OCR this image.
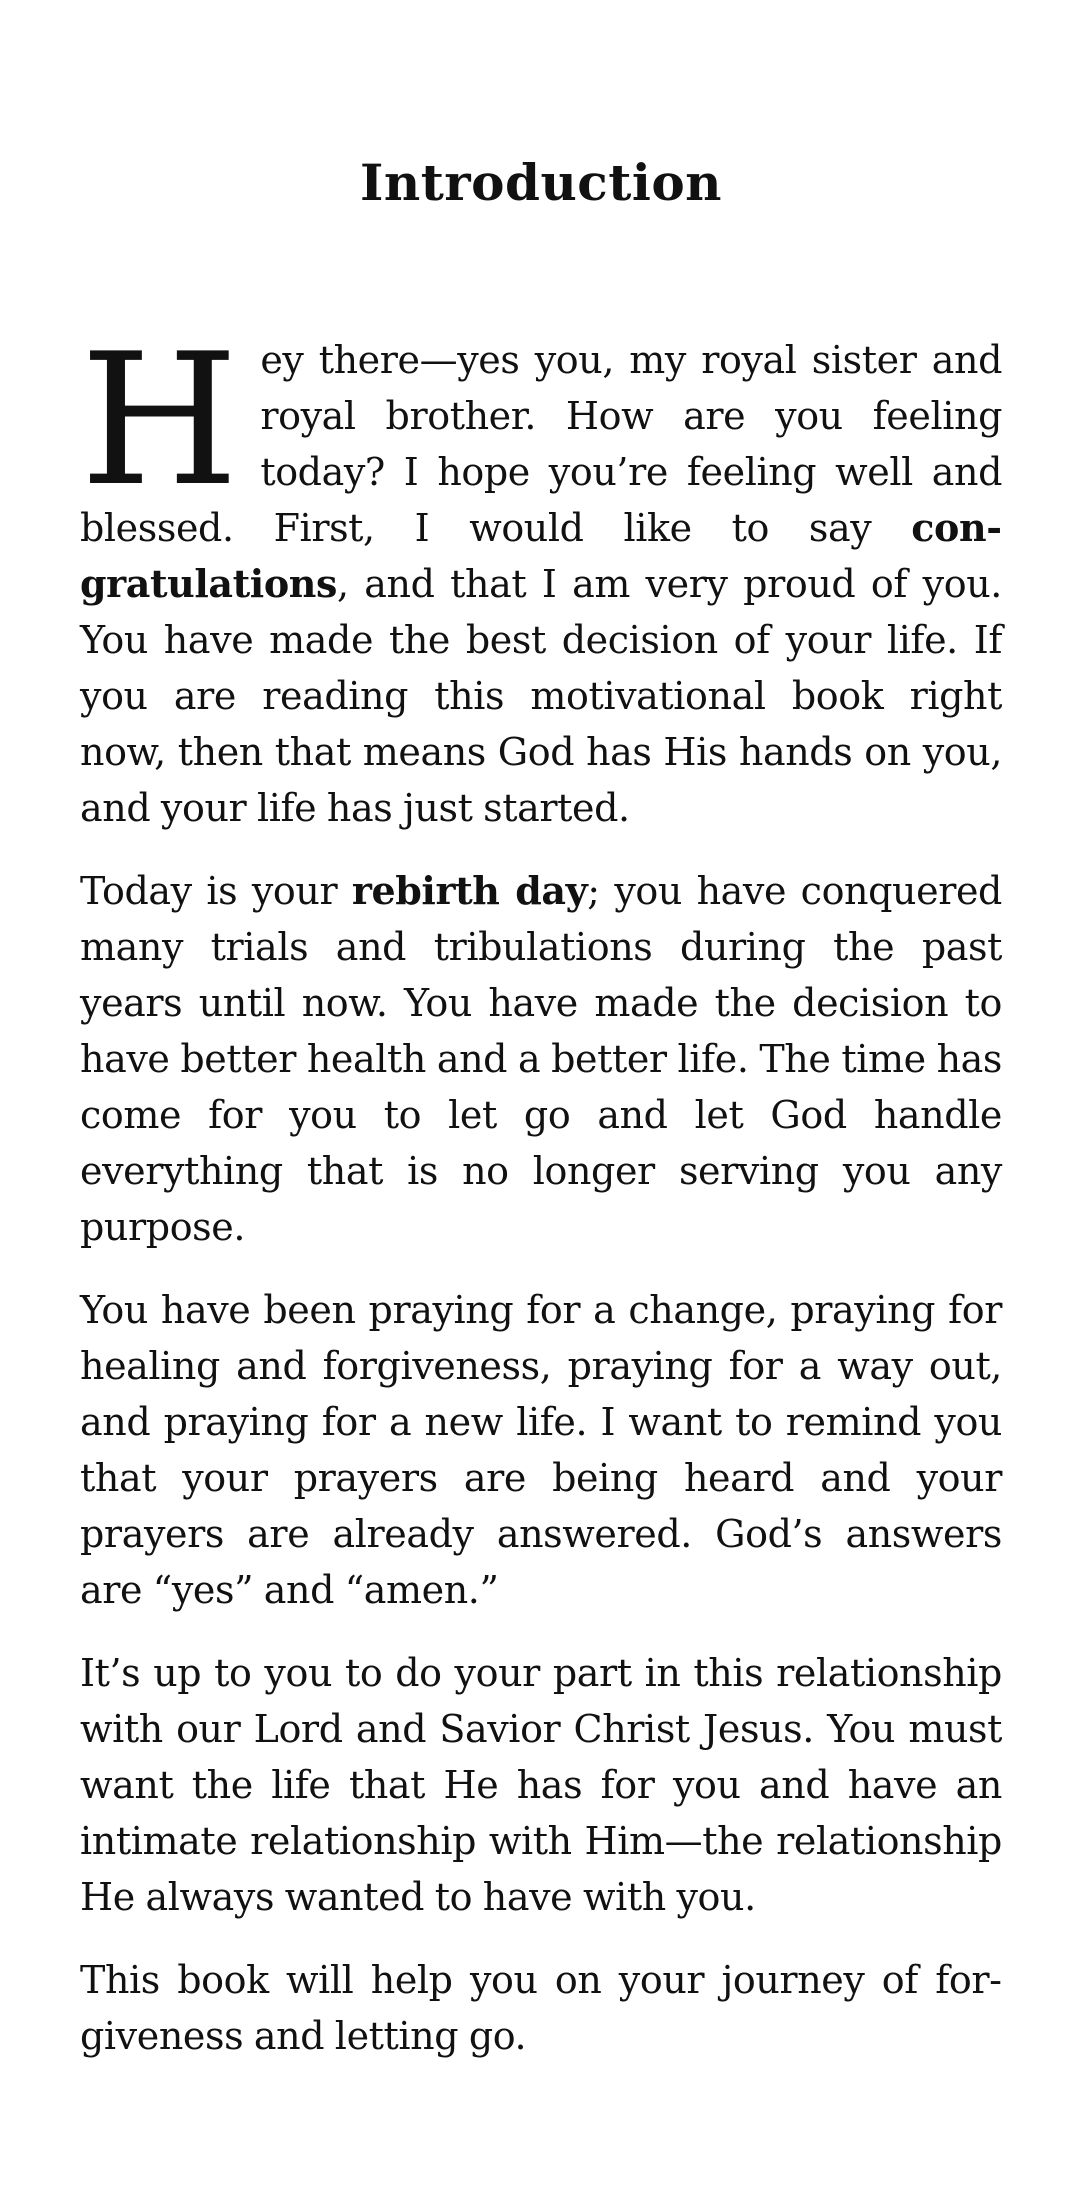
Introduction

Hey there—yes you, my royal sister and royal brother. How are you feeling today? I hope you’re feeling well and blessed. First, I would like to say congratulations, and that I am very proud of you. You have made the best decision of your life. If you are reading this motivational book right now, then that means God has His hands on you, and your life has just started.

Today is your rebirth day; you have conquered many trials and tribulations during the past years until now. You have made the decision to have better health and a better life. The time has come for you to let go and let God handle everything that is no longer serving you any purpose.

You have been praying for a change, praying for healing and forgiveness, praying for a way out, and praying for a new life. I want to remind you that your prayers are being heard and your prayers are already answered. God’s answers are “yes” and “amen.”

It’s up to you to do your part in this relationship with our Lord and Savior Christ Jesus. You must want the life that He has for you and have an intimate relationship with Him—the relationship He always wanted to have with you.

This book will help you on your journey of forgiveness and letting go.
